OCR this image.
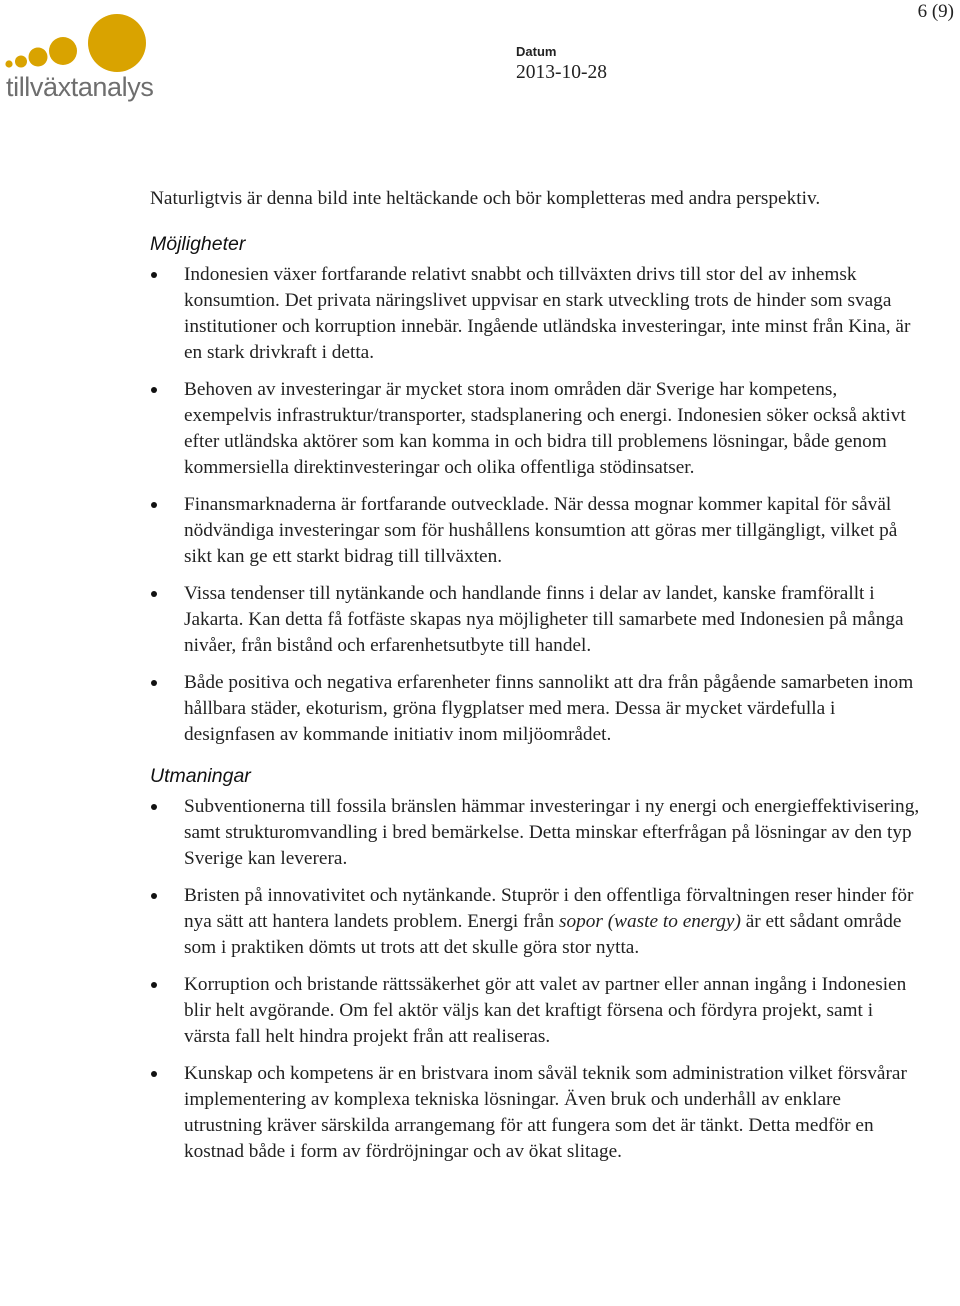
6 (9)
tillväxtanalys
Datum
2013-10-28

Naturligtvis är denna bild inte heltäckande och bör kompletteras med andra perspektiv.

Möjligheter
Indonesien växer fortfarande relativt snabbt och tillväxten drivs till stor del av inhemsk konsumtion. Det privata näringslivet uppvisar en stark utveckling trots de hinder som svaga institutioner och korruption innebär. Ingående utländska investeringar, inte minst från Kina, är en stark drivkraft i detta.
Behoven av investeringar är mycket stora inom områden där Sverige har kompetens, exempelvis infrastruktur/transporter, stadsplanering och energi. Indonesien söker också aktivt efter utländska aktörer som kan komma in och bidra till problemens lösningar, både genom kommersiella direktinvesteringar och olika offentliga stödinsatser.
Finansmarknaderna är fortfarande outvecklade. När dessa mognar kommer kapital för såväl nödvändiga investeringar som för hushållens konsumtion att göras mer tillgängligt, vilket på sikt kan ge ett starkt bidrag till tillväxten.
Vissa tendenser till nytänkande och handlande finns i delar av landet, kanske framförallt i Jakarta. Kan detta få fotfäste skapas nya möjligheter till samarbete med Indonesien på många nivåer, från bistånd och erfarenhetsutbyte till handel.
Både positiva och negativa erfarenheter finns sannolikt att dra från pågående samarbeten inom hållbara städer, ekoturism, gröna flygplatser med mera. Dessa är mycket värdefulla i designfasen av kommande initiativ inom miljöområdet.
Utmaningar
Subventionerna till fossila bränslen hämmar investeringar i ny energi och energieffektivisering, samt strukturomvandling i bred bemärkelse. Detta minskar efterfrågan på lösningar av den typ Sverige kan leverera.
Bristen på innovativitet och nytänkande. Stuprör i den offentliga förvaltningen reser hinder för nya sätt att hantera landets problem. Energi från sopor (waste to energy) är ett sådant område som i praktiken dömts ut trots att det skulle göra stor nytta.
Korruption och bristande rättssäkerhet gör att valet av partner eller annan ingång i Indonesien blir helt avgörande. Om fel aktör väljs kan det kraftigt försena och fördyra projekt, samt i värsta fall helt hindra projekt från att realiseras.
Kunskap och kompetens är en bristvara inom såväl teknik som administration vilket försvårar implementering av komplexa tekniska lösningar. Även bruk och underhåll av enklare utrustning kräver särskilda arrangemang för att fungera som det är tänkt. Detta medför en kostnad både i form av fördröjningar och av ökat slitage.
